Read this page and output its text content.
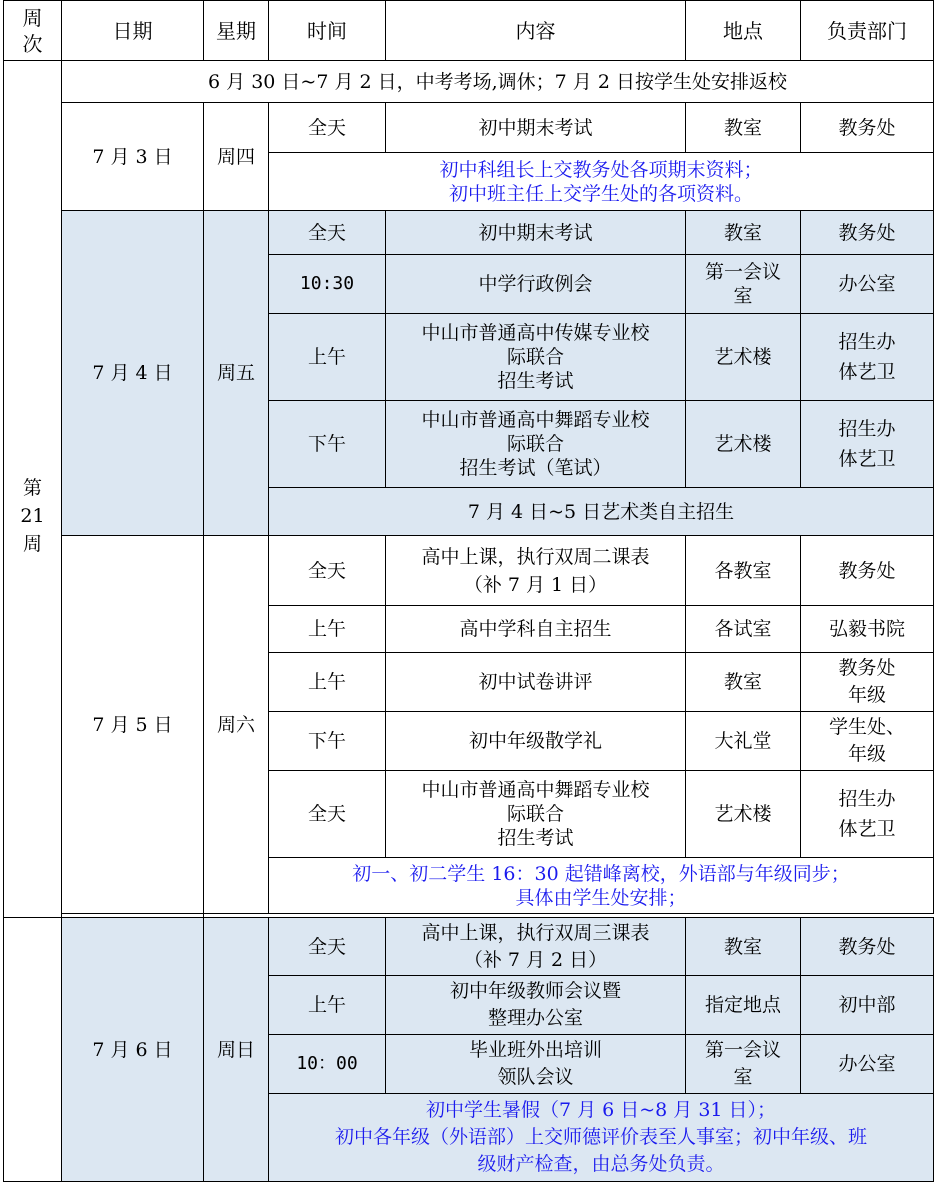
周次	日期	星期	时间	内容	地点	负责部门
第
21
周	6 月 30 日~7 月 2 日，中考考场,调休；7 月 2 日按学生处安排返校					
	7 月 3 日	周四	全天	初中期末考试	教室	教务处

			初中科组长上交教务处各项期末资料；
初中班主任上交学生处的各项资料。			

	7 月 4 日	周五	全天	初中期末考试	教室	教务处
			10:30	中学行政例会	第一会议
室	办公室
			上午	中山市普通高中传媒专业校
际联合
招生考试	艺术楼	招生办
体艺卫
			下午	中山市普通高中舞蹈专业校
际联合
招生考试（笔试）	艺术楼	招生办
体艺卫
			7 月 4 日~5 日艺术类自主招生			
	7 月 5 日	周六	全天	高中上课，执行双周二课表
（补 7 月 1 日）	各教室	教务处
			上午	高中学科自主招生	各试室	弘毅书院
			上午	初中试卷讲评	教室	教务处
年级
			下午	初中年级散学礼	大礼堂	学生处、
年级
			全天	中山市普通高中舞蹈专业校
际联合
招生考试	艺术楼	招生办
体艺卫

			初一、初二学生 16：30 起错峰离校，外语部与年级同步；
具体由学生处安排；			

	7 月 6 日	周日	全天	高中上课，执行双周三课表
（补 7 月 2 日）	教室	教务处
			上午	初中年级教师会议暨
整理办公室	指定地点	初中部
			10：00	毕业班外出培训
领队会议	第一会议
室	办公室

			初中学生暑假（7 月 6 日~8 月 31 日）；
初中各年级（外语部）上交师德评价表至人事室；初中年级、班
级财产检查，由总务处负责。			
